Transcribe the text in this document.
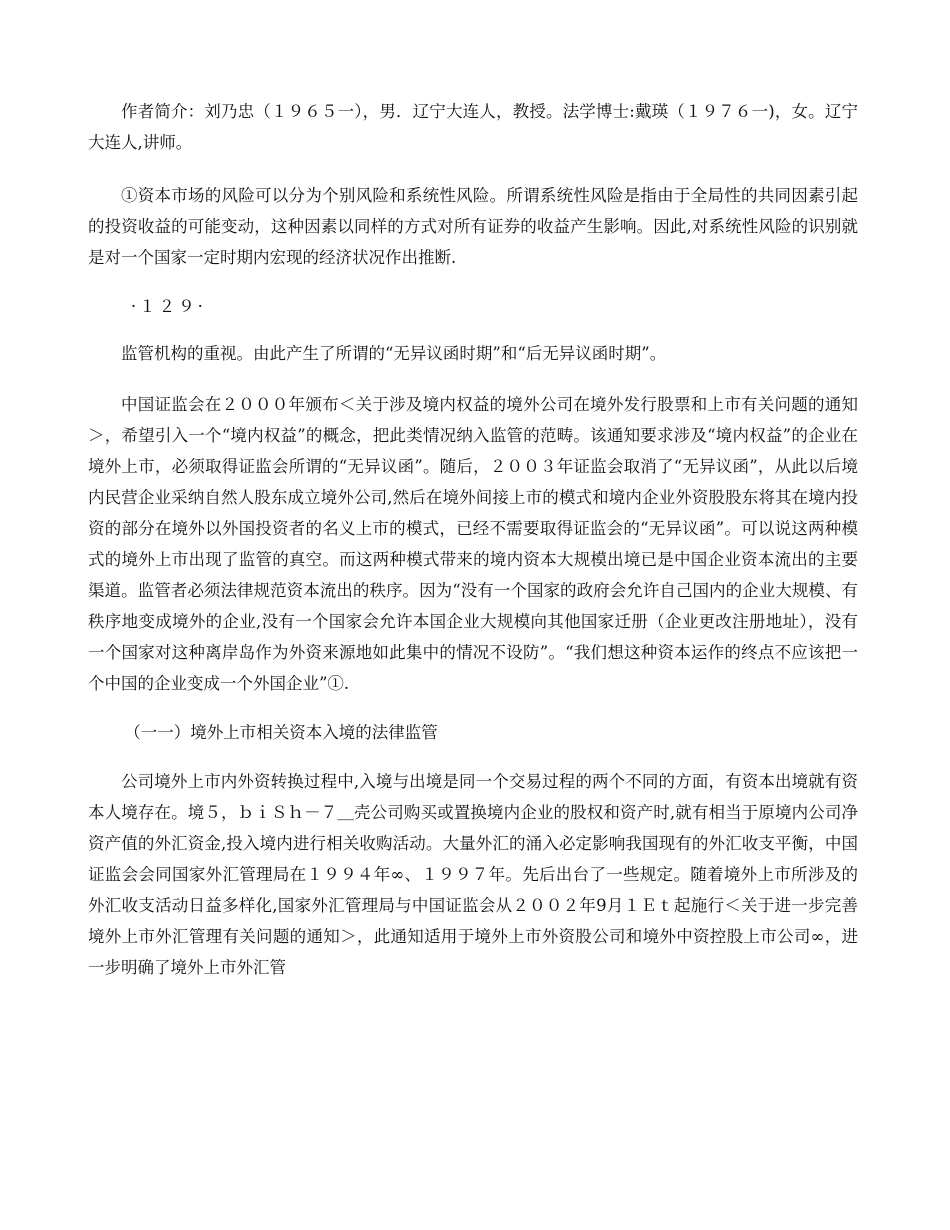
作者简介：刘乃忠（１９６５一），男．辽宁大连人，教授。法学博士:戴瑛（１９７６一)，女。辽宁大连人,讲师。

①资本市场的风险可以分为个别风险和系统性风险。所谓系统性风险是指由于全局性的共同因素引起的投资收益的可能变动，这种因素以同样的方式对所有证券的收益产生影响。因此,对系统性风险的识别就是对一个国家一定时期内宏现的经济状况作出推断.

·１２９·

监管机构的重视。由此产生了所谓的“无异议函时期”和“后无异议函时期”。

中国证监会在２０００年颁布＜关于涉及境内权益的境外公司在境外发行股票和上市有关问题的通知＞，希望引入一个“境内权益”的概念，把此类情况纳入监管的范畴。该通知要求涉及“境内权益”的企业在境外上市，必须取得证监会所谓的“无异议函”。随后，２００３年证监会取消了“无异议函”，从此以后境内民营企业采纳自然人股东成立境外公司,然后在境外间接上市的模式和境内企业外资股股东将其在境内投资的部分在境外以外国投资者的名义上市的模式，已经不需要取得证监会的“无异议函”。可以说这两种模式的境外上市出现了监管的真空。而这两种模式带来的境内资本大规模出境已是中国企业资本流出的主要渠道。监管者必须法律规范资本流出的秩序。因为“没有一个国家的政府会允许自己国内的企业大规模、有秩序地变成境外的企业,没有一个国家会允许本国企业大规模向其他国家迁册（企业更改注册地址），没有一个国家对这种离岸岛作为外资来源地如此集中的情况不设防”。“我们想这种资本运作的终点不应该把一个中国的企业变成一个外国企业”①.

（一一）境外上市相关资本入境的法律监管

公司境外上市内外资转换过程中,入境与出境是同一个交易过程的两个不同的方面，有资本出境就有资本人境存在。境５，ｂｉＳｈ－７＿壳公司购买或置换境内企业的股权和资产时,就有相当于原境内公司净资产值的外汇资金,投入境内进行相关收购活动。大量外汇的涌入必定影响我国现有的外汇收支平衡，中国证监会会同国家外汇管理局在１９９４年∞、１９９７年。先后出台了一些规定。随着境外上市所涉及的外汇收支活动日益多样化,国家外汇管理局与中国证监会从２００２年9月１Ｅｔ起施行＜关于进一步完善境外上市外汇管理有关问题的通知＞，此通知适用于境外上市外资股公司和境外中资控股上市公司∞，进一步明确了境外上市外汇管
